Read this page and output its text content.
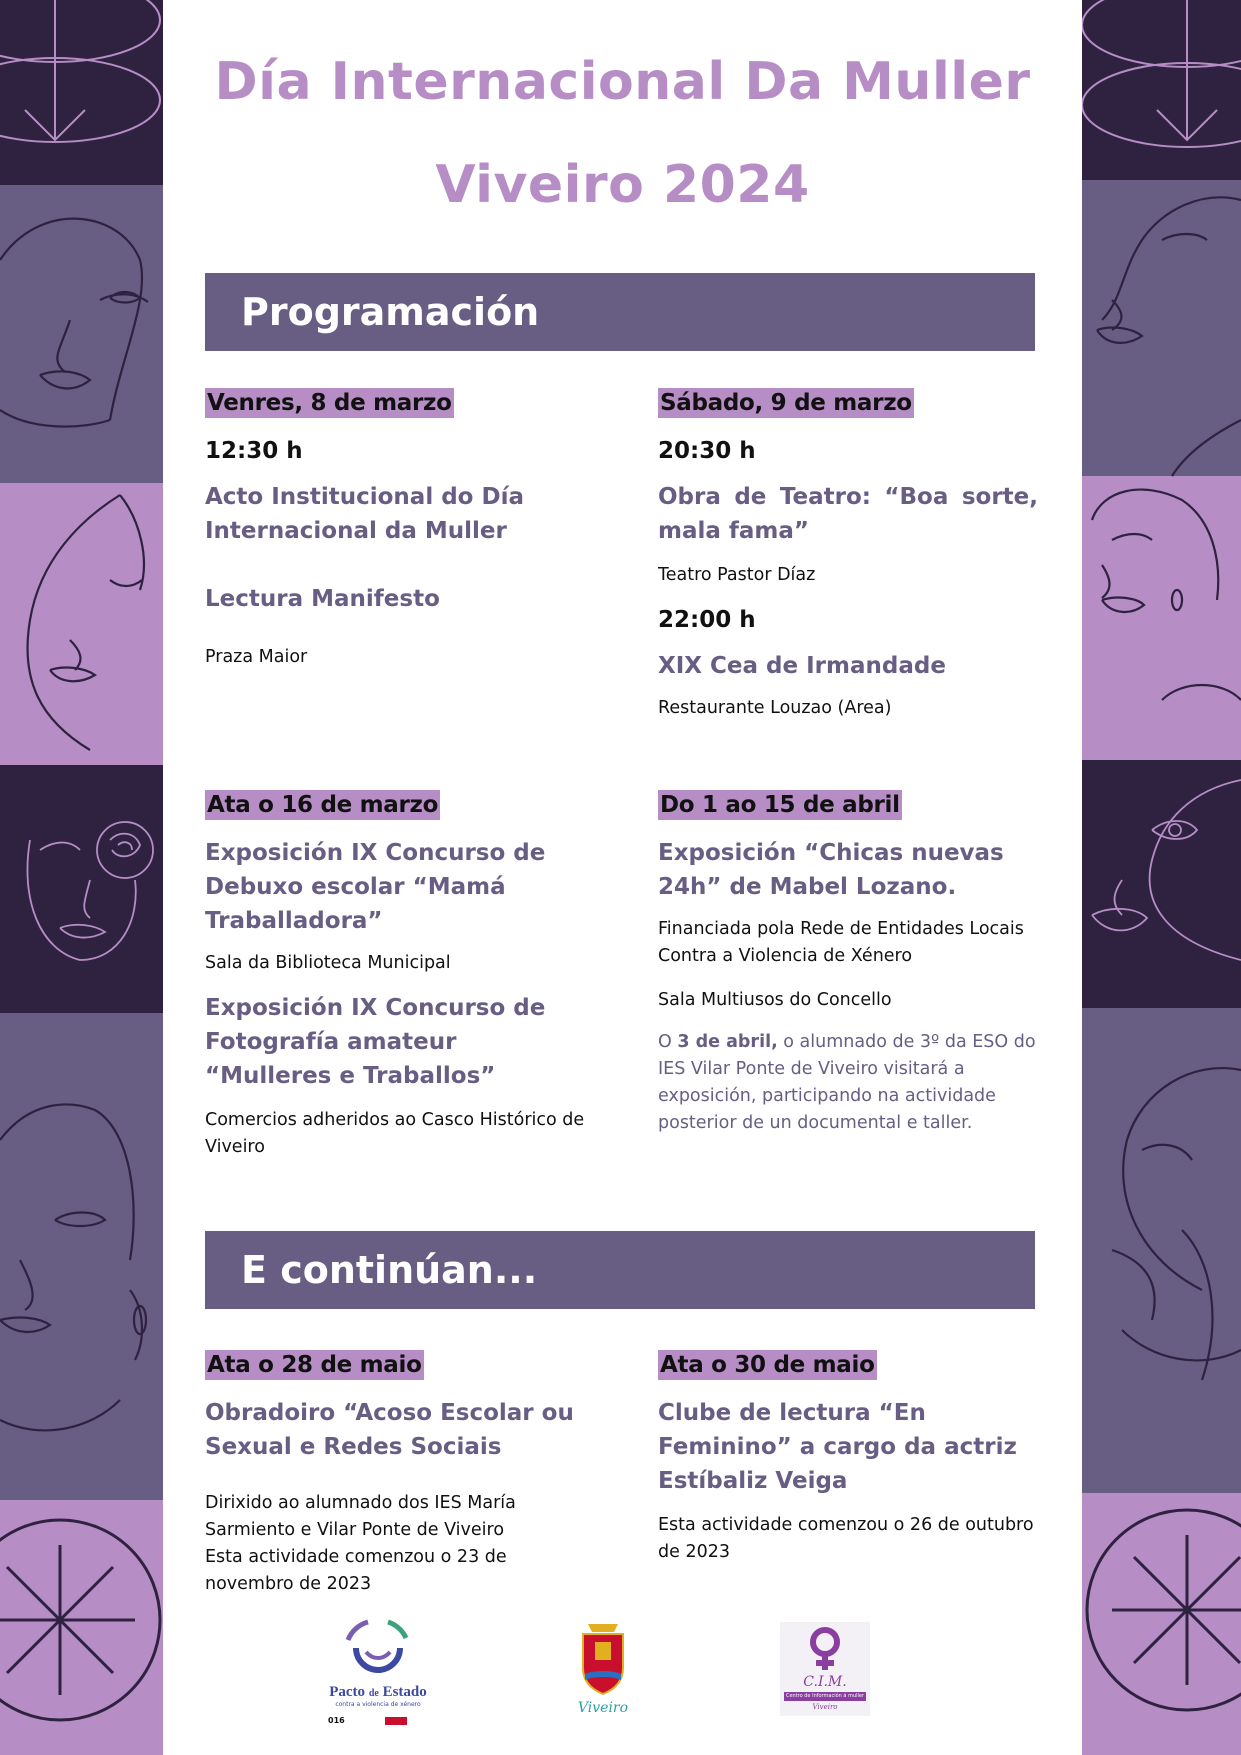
Día Internacional Da Muller
Viveiro 2024
Programación
Venres, 8 de marzo
12:30 h
Acto Institucional do Día Internacional da Muller
Lectura Manifesto
Praza Maior
Sábado, 9 de marzo
20:30 h
Obra de Teatro: “Boa sorte, mala fama”
Teatro Pastor Díaz
22:00 h
XIX Cea de Irmandade
Restaurante Louzao (Area)
Ata o 16 de marzo
Exposición IX Concurso de Debuxo escolar “Mamá Traballadora”
Sala da Biblioteca Municipal
Exposición IX Concurso de Fotografía amateur “Mulleres e Traballos”
Comercios adheridos ao Casco Histórico de Viveiro
Do 1 ao 15 de abril
Exposición “Chicas nuevas 24h” de Mabel Lozano.
Financiada pola Rede de Entidades Locais Contra a Violencia de Xénero
Sala Multiusos do Concello
O 3 de abril, o alumnado de 3º da ESO do IES Vilar Ponte de Viveiro visitará a exposición, participando na actividade posterior de un documental e taller.
E continúan...
Ata o 28 de maio
Obradoiro “Acoso Escolar ou Sexual e Redes Sociais
Dirixido ao alumnado dos IES María Sarmiento e Vilar Ponte de Viveiro
Esta actividade comenzou o 23 de novembro de 2023
Ata o 30 de maio
Clube de lectura “En Feminino” a cargo da actriz Estíbaliz Veiga
Esta actividade comenzou o 26 de outubro de 2023
Pacto de Estado
contra a violencia de xénero
016
Viveiro
C.I.M.
Centro de Información á muller
Viveiro
